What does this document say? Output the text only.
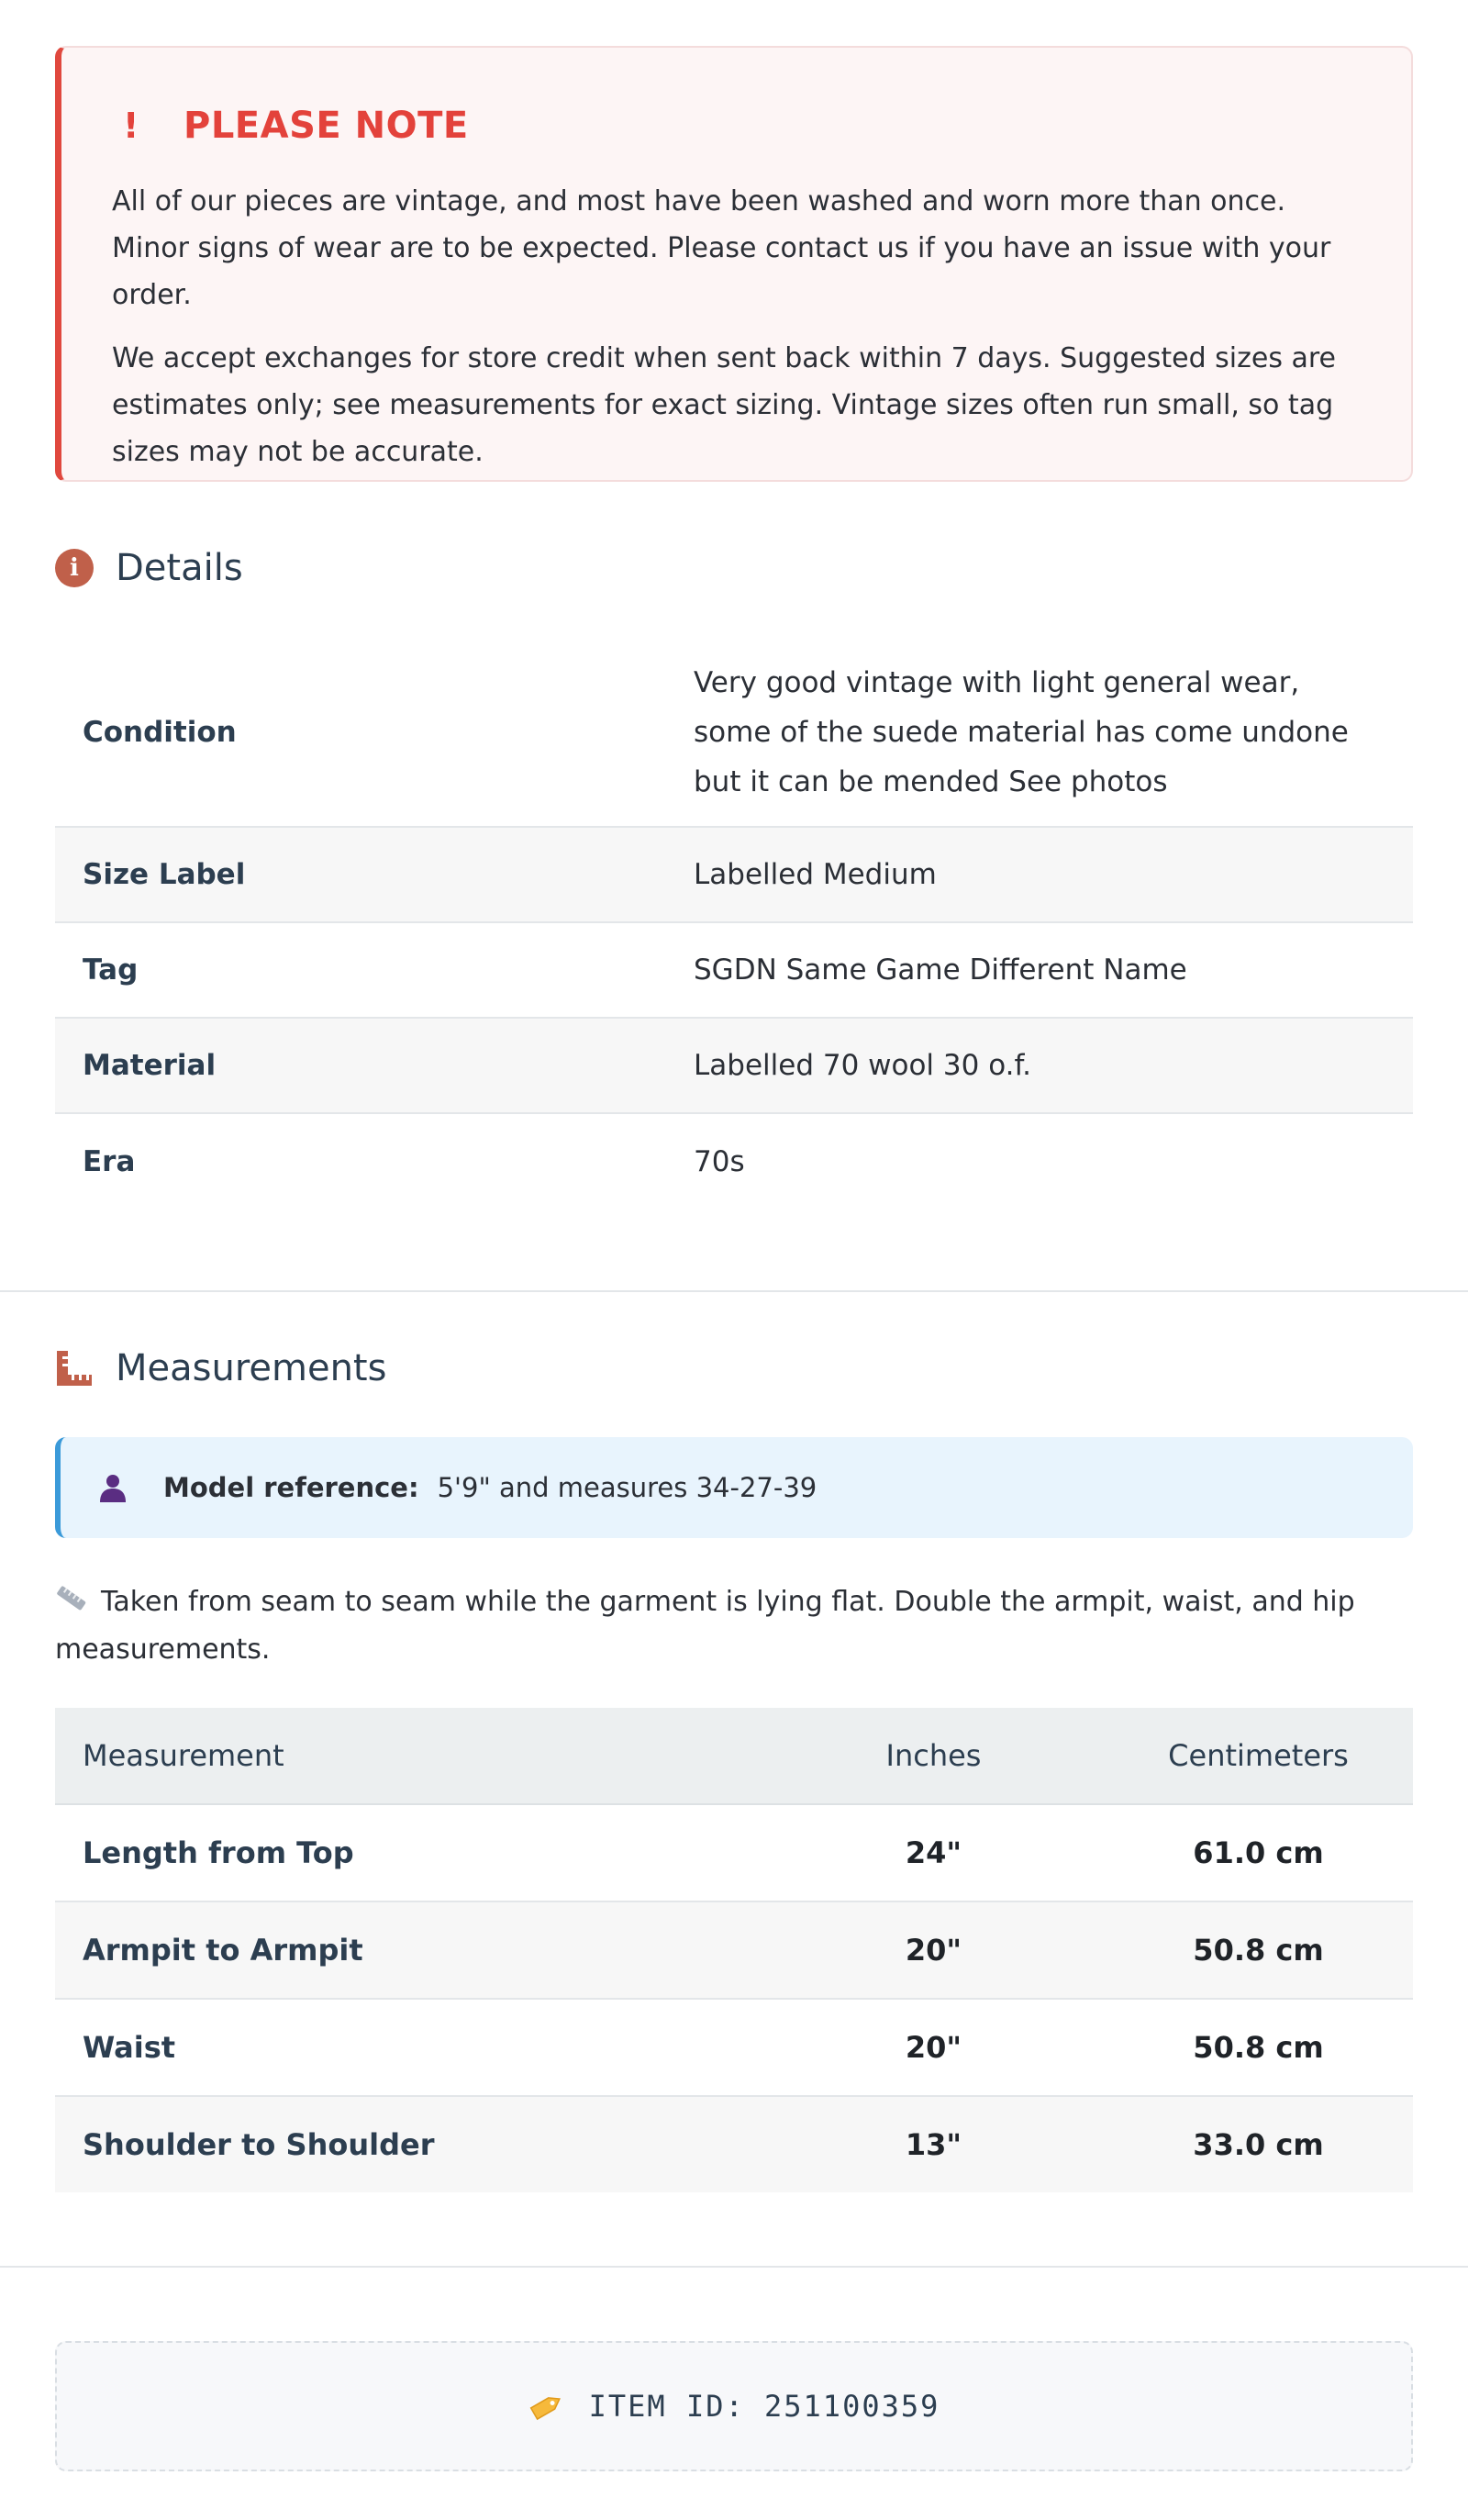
!	PLEASE NOTE

All of our pieces are vintage, and most have been washed and worn more than once. Minor signs of wear are to be expected. Please contact us if you have an issue with your order.

We accept exchanges for store credit when sent back within 7 days. Suggested sizes are estimates only; see measurements for exact sizing. Vintage sizes often run small, so tag sizes may not be accurate.

i	Details
Condition	Very good vintage with light general wear, some of the suede material has come undone but it can be mended See photos
Size Label	Labelled Medium
Tag	SGDN Same Game Different Name
Material	Labelled 70 wool 30 o.f.
Era	70s
Measurements
Model reference: 5'9" and measures 34-27-39
Taken from seam to seam while the garment is lying flat. Double the armpit, waist, and hip measurements.
Measurement	Inches	Centimeters
Length from Top	24"	61.0 cm
Armpit to Armpit	20"	50.8 cm
Waist	20"	50.8 cm
Shoulder to Shoulder	13"	33.0 cm
ITEM ID: 251100359
